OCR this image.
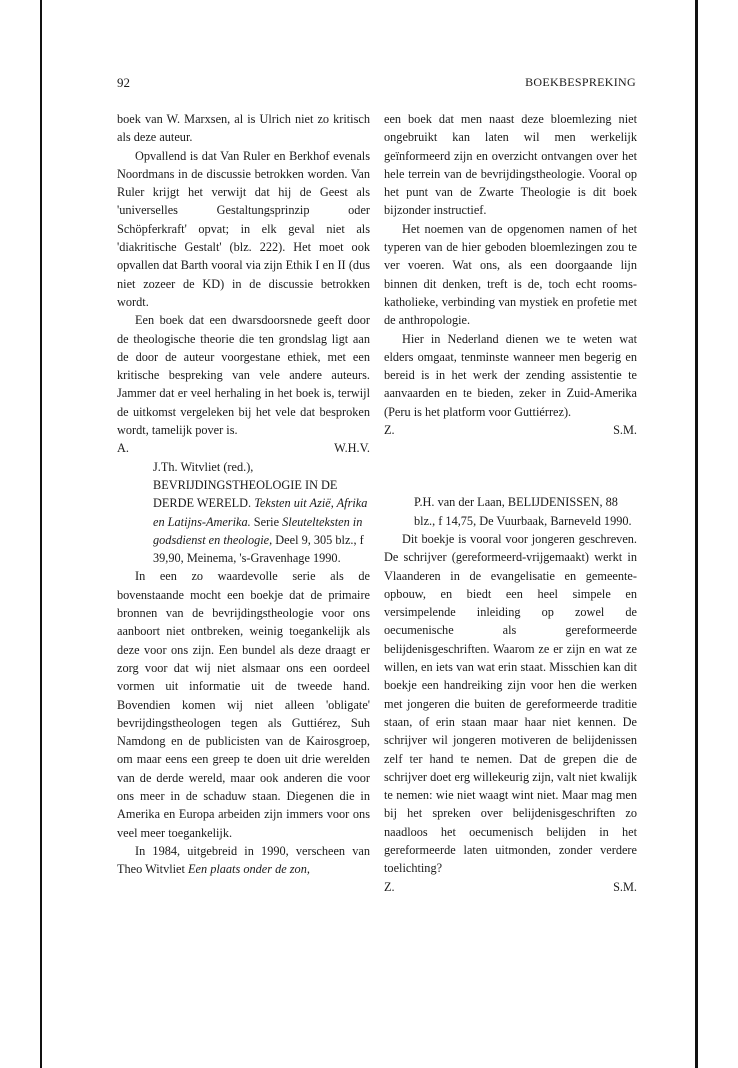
92	BOEKBESPREKING

boek van W. Marxsen, al is Ulrich niet zo kritisch als deze auteur.

Opvallend is dat Van Ruler en Berkhof evenals Noordmans in de discussie betrokken worden. Van Ruler krijgt het verwijt dat hij de Geest als 'universelles Gestaltungsprinzip oder Schöpferkraft' opvat; in elk geval niet als 'diakritische Gestalt' (blz. 222). Het moet ook opvallen dat Barth vooral via zijn Ethik I en II (dus niet zozeer de KD) in de discussie betrokken wordt.

Een boek dat een dwarsdoorsnede geeft door de theologische theorie die ten grondslag ligt aan de door de auteur voorgestane ethiek, met een kritische bespreking van vele andere auteurs. Jammer dat er veel herhaling in het boek is, terwijl de uitkomst vergeleken bij het vele dat besproken wordt, tamelijk pover is.

A.	W.H.V.

J.Th. Witvliet (red.), BEVRIJDINGSTHEOLOGIE IN DE DERDE WERELD. Teksten uit Azië, Afrika en Latijns-Amerika. Serie Sleutelteksten in godsdienst en theologie, Deel 9, 305 blz., f 39,90, Meinema, 's-Gravenhage 1990.

In een zo waardevolle serie als de bovenstaande mocht een boekje dat de primaire bronnen van de bevrijdingstheologie voor ons aanboort niet ontbreken, weinig toegankelijk als deze voor ons zijn. Een bundel als deze draagt er zorg voor dat wij niet alsmaar ons een oordeel vormen uit informatie uit de tweede hand. Bovendien komen wij niet alleen 'obligate' bevrijdingstheologen tegen als Guttiérez, Suh Namdong en de publicisten van de Kairosgroep, om maar eens een greep te doen uit drie werelden van de derde wereld, maar ook anderen die voor ons meer in de schaduw staan. Diegenen die in Amerika en Europa arbeiden zijn immers voor ons veel meer toegankelijk.

In 1984, uitgebreid in 1990, verscheen van Theo Witvliet Een plaats onder de zon,

een boek dat men naast deze bloemlezing niet ongebruikt kan laten wil men werkelijk geïnformeerd zijn en overzicht ontvangen over het hele terrein van de bevrijdingstheologie. Vooral op het punt van de Zwarte Theologie is dit boek bijzonder instructief.

Het noemen van de opgenomen namen of het typeren van de hier geboden bloemlezingen zou te ver voeren. Wat ons, als een doorgaande lijn binnen dit denken, treft is de, toch echt rooms-katholieke, verbinding van mystiek en profetie met de anthropologie.

Hier in Nederland dienen we te weten wat elders omgaat, tenminste wanneer men begerig en bereid is in het werk der zending assistentie te aanvaarden en te bieden, zeker in Zuid-Amerika (Peru is het platform voor Guttiérrez).

Z.	S.M.

P.H. van der Laan, BELIJDENISSEN, 88 blz., f 14,75, De Vuurbaak, Barneveld 1990.

Dit boekje is vooral voor jongeren geschreven. De schrijver (gereformeerd-vrijgemaakt) werkt in Vlaanderen in de evangelisatie en gemeente-opbouw, en biedt een heel simpele en versimpelende inleiding op zowel de oecumenische als gereformeerde belijdenisgeschriften. Waarom ze er zijn en wat ze willen, en iets van wat erin staat. Misschien kan dit boekje een handreiking zijn voor hen die werken met jongeren die buiten de gereformeerde traditie staan, of erin staan maar haar niet kennen. De schrijver wil jongeren motiveren de belijdenissen zelf ter hand te nemen. Dat de grepen die de schrijver doet erg willekeurig zijn, valt niet kwalijk te nemen: wie niet waagt wint niet. Maar mag men bij het spreken over belijdenisgeschriften zo naadloos het oecumenisch belijden in het gereformeerde laten uitmonden, zonder verdere toelichting?

Z.	S.M.
